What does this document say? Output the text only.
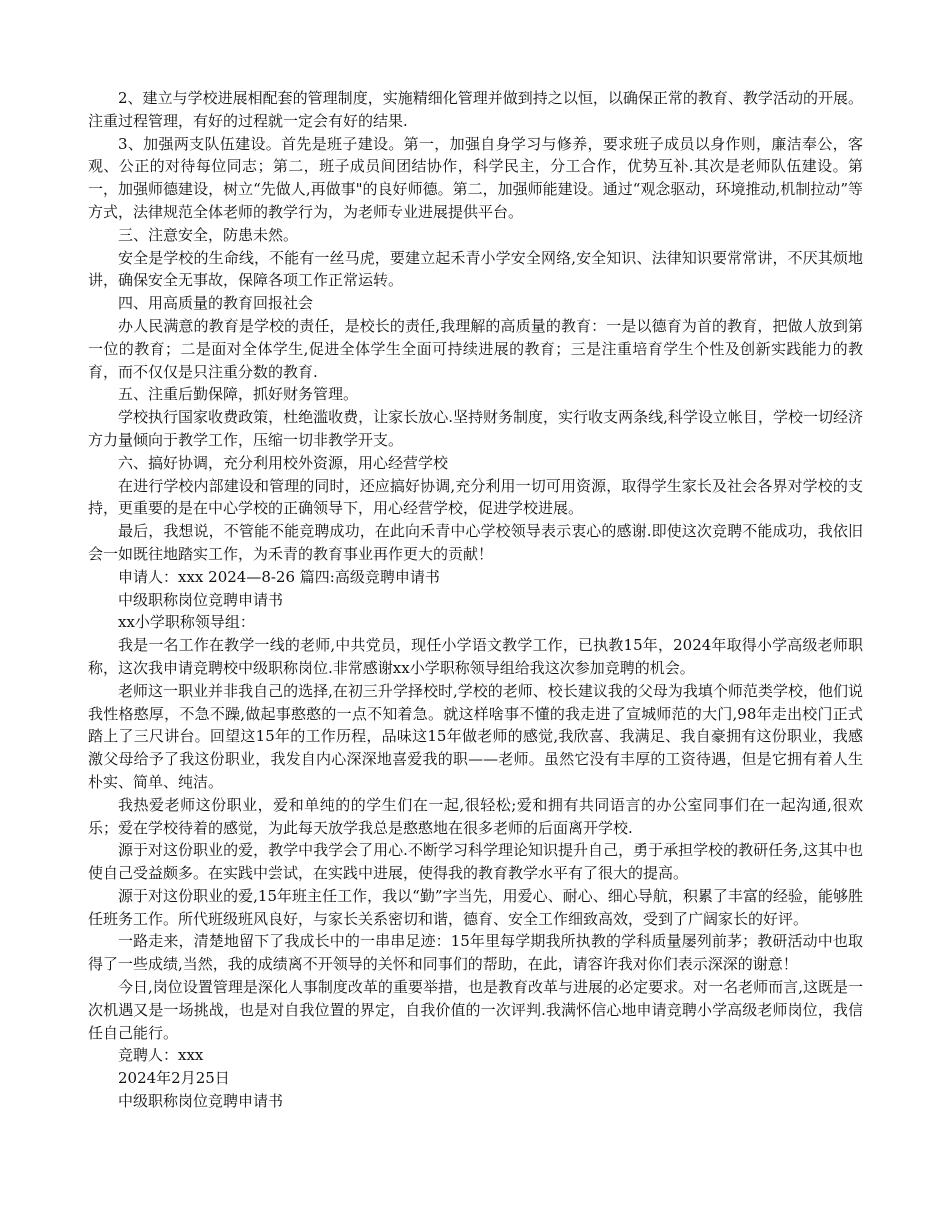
2、建立与学校进展相配套的管理制度，实施精细化管理并做到持之以恒，以确保正常的教育、教学活动的开展。注重过程管理，有好的过程就一定会有好的结果.

3、加强两支队伍建设。首先是班子建设。第一，加强自身学习与修养，要求班子成员以身作则，廉洁奉公，客观、公正的对待每位同志；第二，班子成员间团结协作，科学民主，分工合作，优势互补.其次是老师队伍建设。第一，加强师德建设，树立“先做人,再做事"的良好师德。第二，加强师能建设。通过“观念驱动，环境推动,机制拉动”等方式，法律规范全体老师的教学行为，为老师专业进展提供平台。

三、注意安全，防患未然。

安全是学校的生命线，不能有一丝马虎，要建立起禾青小学安全网络,安全知识、法律知识要常常讲，不厌其烦地讲，确保安全无事故，保障各项工作正常运转。

四、用高质量的教育回报社会

办人民满意的教育是学校的责任，是校长的责任,我理解的高质量的教育：一是以德育为首的教育，把做人放到第一位的教育；二是面对全体学生,促进全体学生全面可持续进展的教育；三是注重培育学生个性及创新实践能力的教育，而不仅仅是只注重分数的教育.

五、注重后勤保障，抓好财务管理。

学校执行国家收费政策，杜绝滥收费，让家长放心.坚持财务制度，实行收支两条线,科学设立帐目，学校一切经济方力量倾向于教学工作，压缩一切非教学开支。

六、搞好协调，充分利用校外资源，用心经营学校

在进行学校内部建设和管理的同时，还应搞好协调,充分利用一切可用资源，取得学生家长及社会各界对学校的支持，更重要的是在中心学校的正确领导下，用心经营学校，促进学校进展。

最后，我想说，不管能不能竞聘成功，在此向禾青中心学校领导表示衷心的感谢.即使这次竞聘不能成功，我依旧会一如既往地踏实工作，为禾青的教育事业再作更大的贡献！

申请人：xxx 2024—8-26 篇四:高级竞聘申请书

中级职称岗位竞聘申请书

xx小学职称领导组：

我是一名工作在教学一线的老师,中共党员，现任小学语文教学工作，已执教15年，2024年取得小学高级老师职称，这次我申请竞聘校中级职称岗位.非常感谢xx小学职称领导组给我这次参加竞聘的机会。

老师这一职业并非我自己的选择,在初三升学择校时,学校的老师、校长建议我的父母为我填个师范类学校，他们说我性格憨厚，不急不躁,做起事憨憨的一点不知着急。就这样啥事不懂的我走进了宣城师范的大门,98年走出校门正式踏上了三尺讲台。回望这15年的工作历程，品味这15年做老师的感觉,我欣喜、我满足、我自豪拥有这份职业，我感激父母给予了我这份职业，我发自内心深深地喜爱我的职——老师。虽然它没有丰厚的工资待遇，但是它拥有着人生朴实、简单、纯洁。

我热爱老师这份职业，爱和单纯的的学生们在一起,很轻松;爱和拥有共同语言的办公室同事们在一起沟通,很欢乐；爱在学校待着的感觉，为此每天放学我总是憨憨地在很多老师的后面离开学校.

源于对这份职业的爱，教学中我学会了用心.不断学习科学理论知识提升自己，勇于承担学校的教研任务,这其中也使自己受益颇多。在实践中尝试，在实践中进展，使得我的教育教学水平有了很大的提高。

源于对这份职业的爱,15年班主任工作，我以“勤”字当先，用爱心、耐心、细心导航，积累了丰富的经验，能够胜任班务工作。所代班级班风良好，与家长关系密切和谐，德育、安全工作细致高效，受到了广阔家长的好评。

一路走来，清楚地留下了我成长中的一串串足迹：15年里每学期我所执教的学科质量屡列前茅；教研活动中也取得了一些成绩,当然，我的成绩离不开领导的关怀和同事们的帮助，在此，请容许我对你们表示深深的谢意！

今日,岗位设置管理是深化人事制度改革的重要举措，也是教育改革与进展的必定要求。对一名老师而言,这既是一次机遇又是一场挑战，也是对自我位置的界定，自我价值的一次评判.我满怀信心地申请竞聘小学高级老师岗位，我信任自己能行。

竞聘人：xxx

2024年2月25日

中级职称岗位竞聘申请书
